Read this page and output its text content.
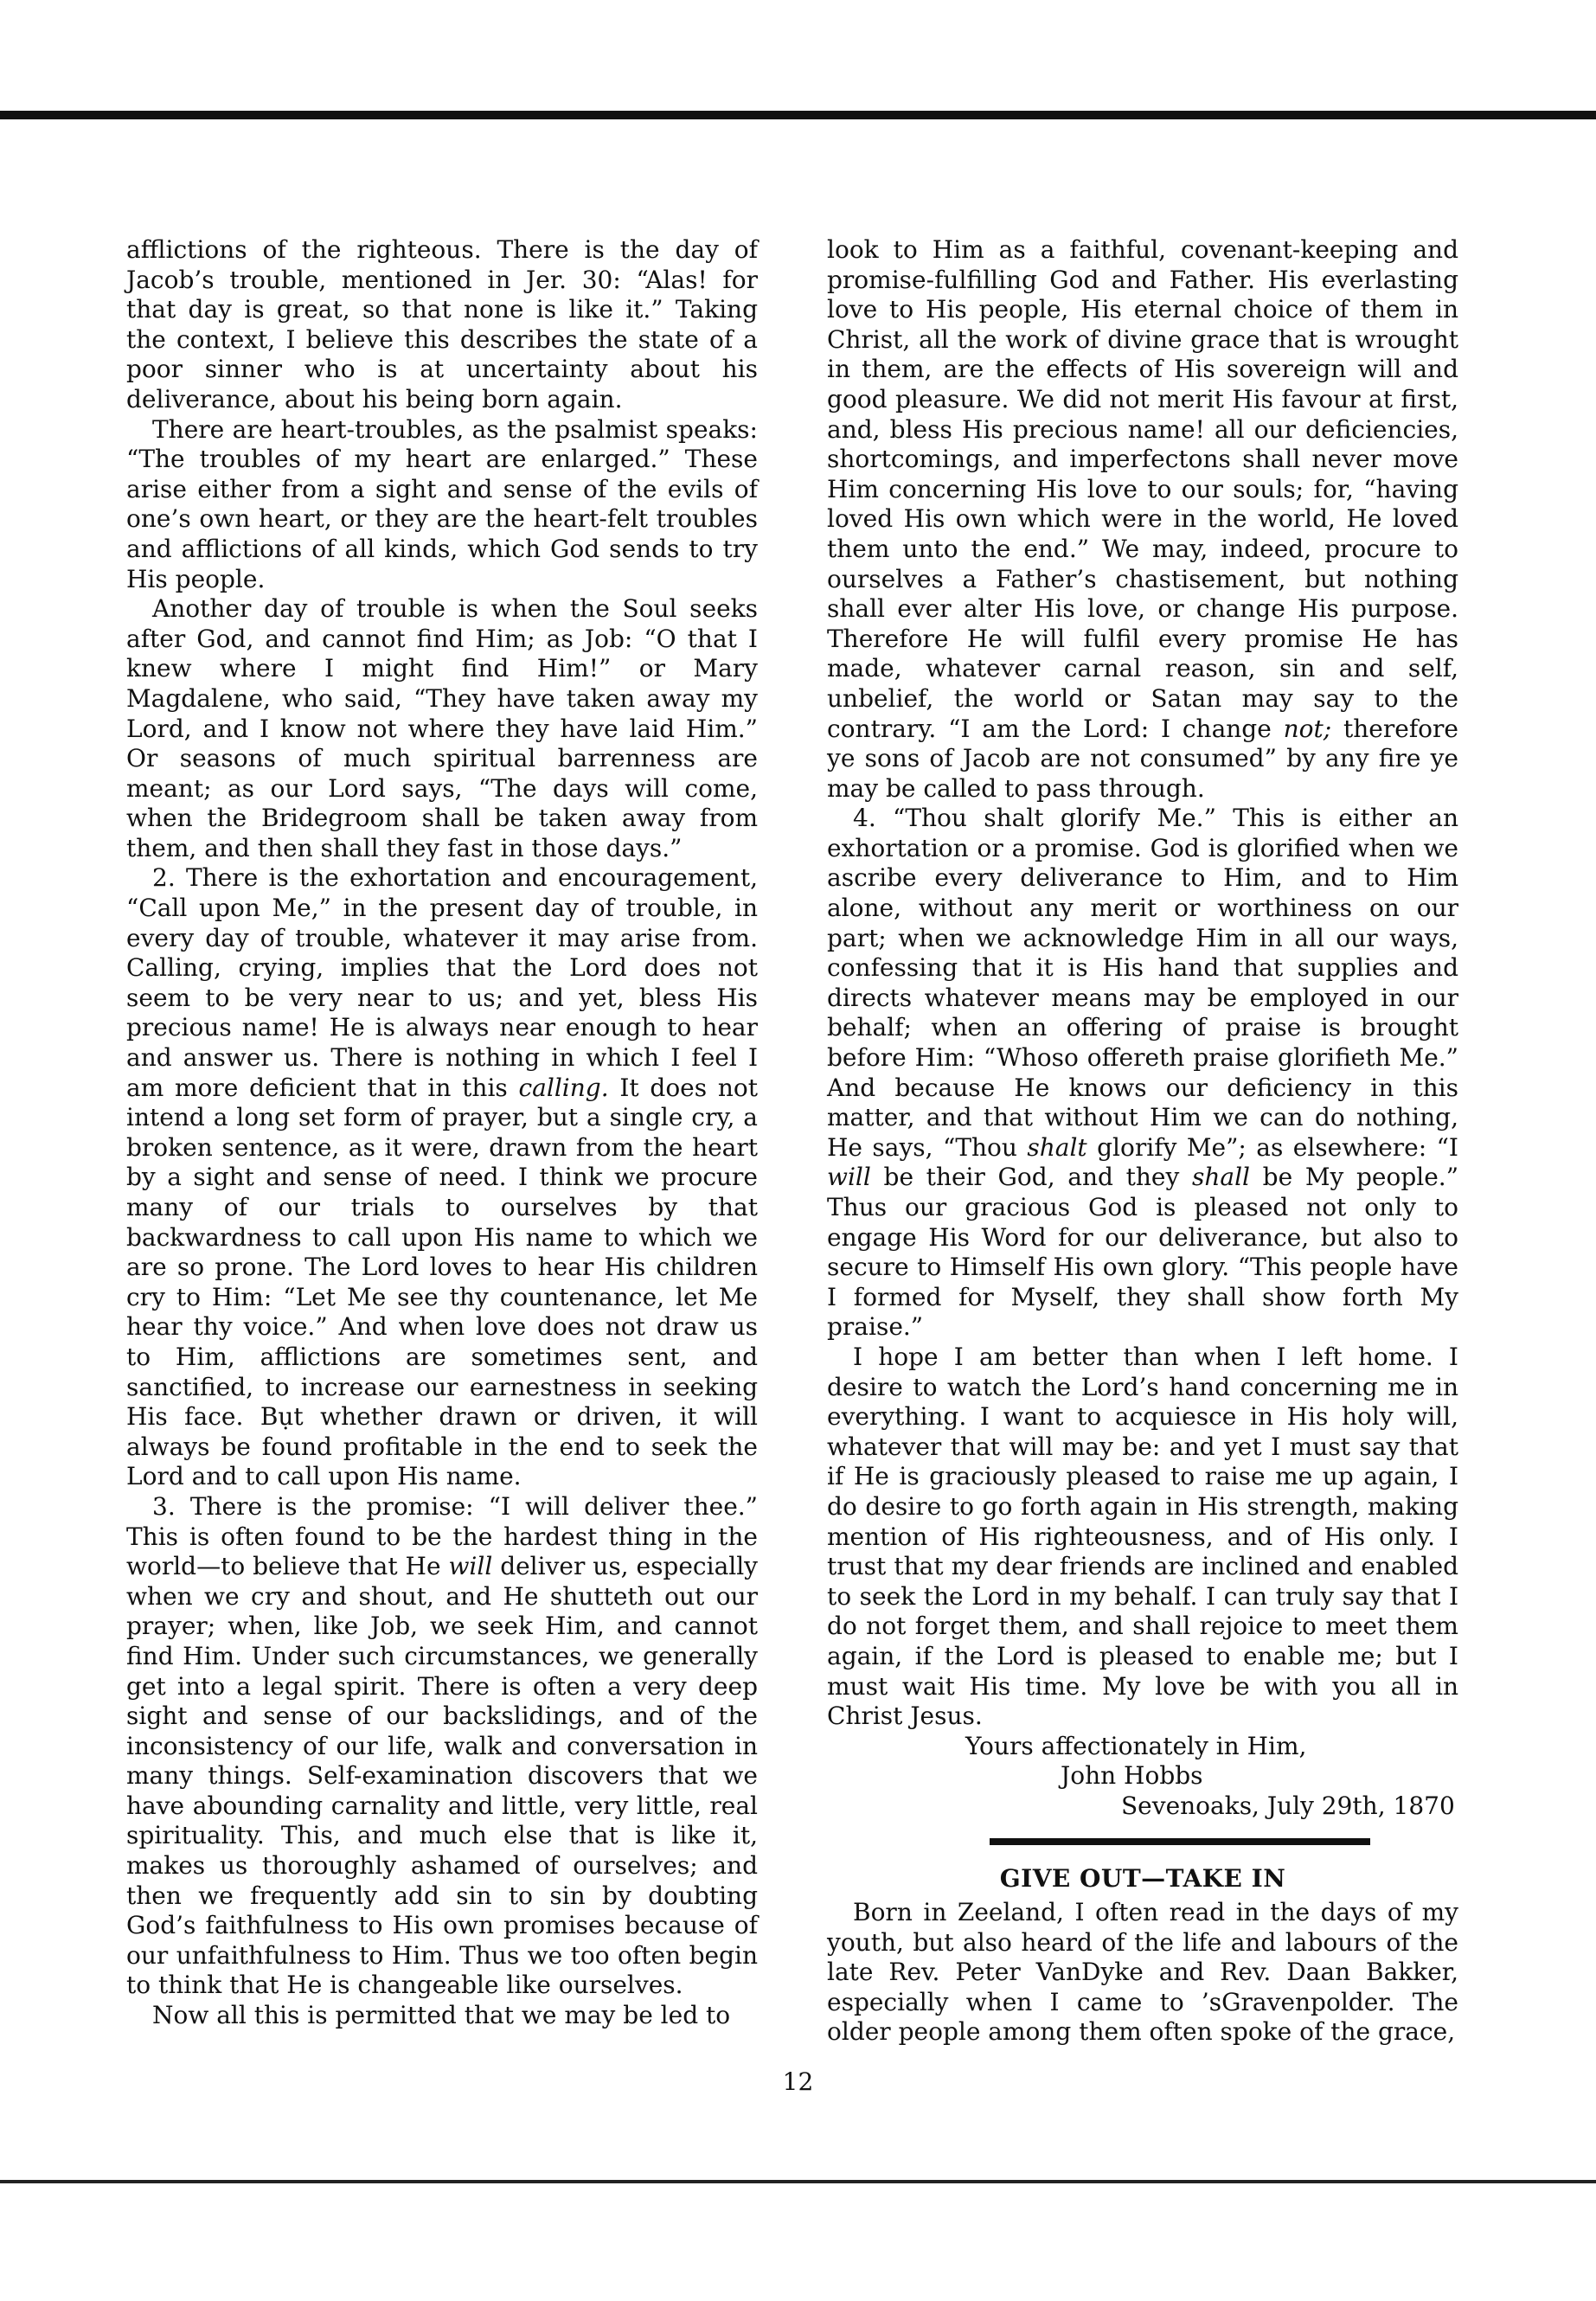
afflictions of the righteous. There is the day of Jacob’s trouble, mentioned in Jer. 30: “Alas! for that day is great, so that none is like it.” Taking the context, I believe this describes the state of a poor sinner who is at uncertainty about his deliverance, about his being born again.

There are heart-troubles, as the psalmist speaks: “The troubles of my heart are enlarged.” These arise either from a sight and sense of the evils of one’s own heart, or they are the heart-felt troubles and afflictions of all kinds, which God sends to try His people.

Another day of trouble is when the Soul seeks after God, and cannot find Him; as Job: “O that I knew where I might find Him!” or Mary Magdalene, who said, “They have taken away my Lord, and I know not where they have laid Him.” Or seasons of much spiritual barrenness are meant; as our Lord says, “The days will come, when the Bridegroom shall be taken away from them, and then shall they fast in those days.”

2. There is the exhortation and encouragement, “Call upon Me,” in the present day of trouble, in every day of trouble, whatever it may arise from. Calling, crying, implies that the Lord does not seem to be very near to us; and yet, bless His precious name! He is always near enough to hear and answer us. There is nothing in which I feel I am more deficient that in this calling. It does not intend a long set form of prayer, but a single cry, a broken sentence, as it were, drawn from the heart by a sight and sense of need. I think we procure many of our trials to ourselves by that backwardness to call upon His name to which we are so prone. The Lord loves to hear His children cry to Him: “Let Me see thy countenance, let Me hear thy voice.” And when love does not draw us to Him, afflictions are sometimes sent, and sanctified, to increase our earnestness in seeking His face. Bụt whether drawn or driven, it will always be found profitable in the end to seek the Lord and to call upon His name.

3. There is the promise: “I will deliver thee.” This is often found to be the hardest thing in the world—to believe that He will deliver us, especially when we cry and shout, and He shutteth out our prayer; when, like Job, we seek Him, and cannot find Him. Under such circumstances, we generally get into a legal spirit. There is often a very deep sight and sense of our backslidings, and of the inconsistency of our life, walk and conversation in many things. Self-examination discovers that we have abounding carnality and little, very little, real spirituality. This, and much else that is like it, makes us thoroughly ashamed of ourselves; and then we frequently add sin to sin by doubting God’s faithfulness to His own promises because of our unfaithfulness to Him. Thus we too often begin to think that He is changeable like ourselves.

Now all this is permitted that we may be led to

look to Him as a faithful, covenant-keeping and promise-fulfilling God and Father. His everlasting love to His people, His eternal choice of them in Christ, all the work of divine grace that is wrought in them, are the effects of His sovereign will and good pleasure. We did not merit His favour at first, and, bless His precious name! all our deficiencies, shortcomings, and imperfectons shall never move Him concerning His love to our souls; for, “having loved His own which were in the world, He loved them unto the end.” We may, indeed, procure to ourselves a Father’s chastisement, but nothing shall ever alter His love, or change His purpose. Therefore He will fulfil every promise He has made, whatever carnal reason, sin and self, unbelief, the world or Satan may say to the contrary. “I am the Lord: I change not; therefore ye sons of Jacob are not consumed” by any fire ye may be called to pass through.

4. “Thou shalt glorify Me.” This is either an exhortation or a promise. God is glorified when we ascribe every deliverance to Him, and to Him alone, without any merit or worthiness on our part; when we acknowledge Him in all our ways, confessing that it is His hand that supplies and directs whatever means may be employed in our behalf; when an offering of praise is brought before Him: “Whoso offereth praise glorifieth Me.” And because He knows our deficiency in this matter, and that without Him we can do nothing, He says, “Thou shalt glorify Me”; as elsewhere: “I will be their God, and they shall be My people.” Thus our gracious God is pleased not only to engage His Word for our deliverance, but also to secure to Himself His own glory. “This people have I formed for Myself, they shall show forth My praise.”

I hope I am better than when I left home. I desire to watch the Lord’s hand concerning me in everything. I want to acquiesce in His holy will, whatever that will may be: and yet I must say that if He is graciously pleased to raise me up again, I do desire to go forth again in His strength, making mention of His righteousness, and of His only. I trust that my dear friends are inclined and enabled to seek the Lord in my behalf. I can truly say that I do not forget them, and shall rejoice to meet them again, if the Lord is pleased to enable me; but I must wait His time. My love be with you all in Christ Jesus.

Yours affectionately in Him,
John Hobbs
Sevenoaks, July 29th, 1870
GIVE OUT—TAKE IN

Born in Zeeland, I often read in the days of my youth, but also heard of the life and labours of the late Rev. Peter VanDyke and Rev. Daan Bakker, especially when I came to ’sGravenpolder. The older people among them often spoke of the grace,

12
